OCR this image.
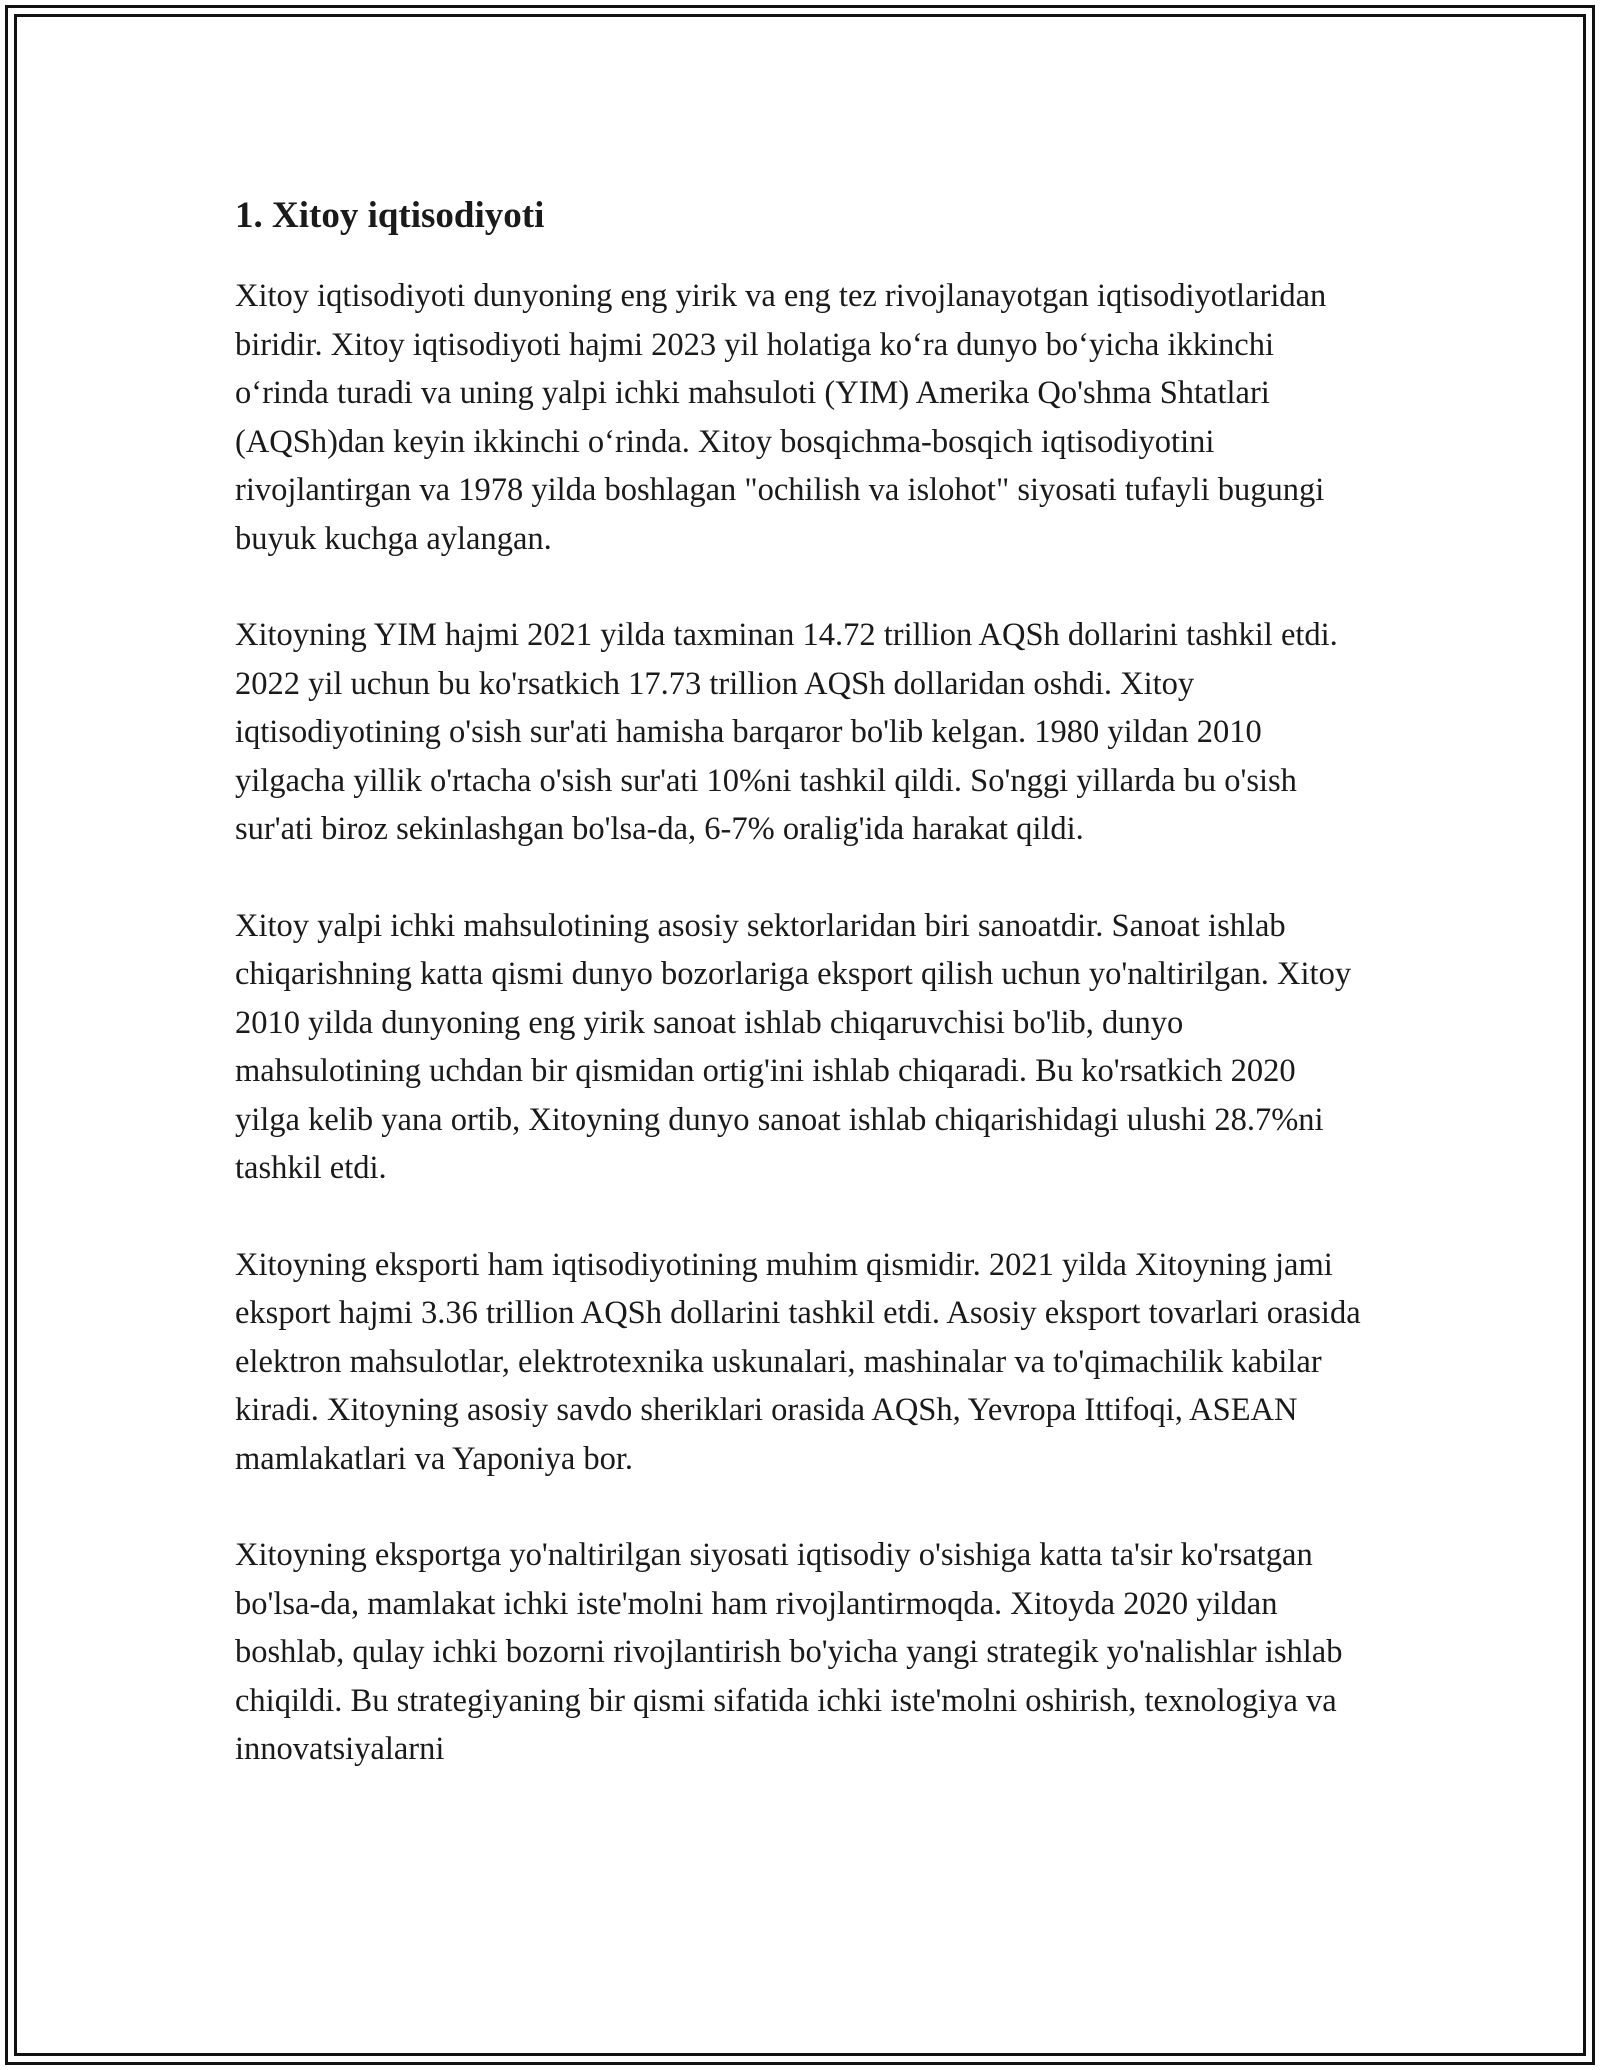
1. Xitoy iqtisodiyoti

Xitoy iqtisodiyoti dunyoning eng yirik va eng tez rivojlanayotgan iqtisodiyotlaridan biridir. Xitoy iqtisodiyoti hajmi 2023 yil holatiga ko‘ra dunyo bo‘yicha ikkinchi o‘rinda turadi va uning yalpi ichki mahsuloti (YIM) Amerika Qo'shma Shtatlari (AQSh)dan keyin ikkinchi o‘rinda. Xitoy bosqichma-bosqich iqtisodiyotini rivojlantirgan va 1978 yilda boshlagan "ochilish va islohot" siyosati tufayli bugungi buyuk kuchga aylangan.

Xitoyning YIM hajmi 2021 yilda taxminan 14.72 trillion AQSh dollarini tashkil etdi. 2022 yil uchun bu ko'rsatkich 17.73 trillion AQSh dollaridan oshdi. Xitoy iqtisodiyotining o'sish sur'ati hamisha barqaror bo'lib kelgan. 1980 yildan 2010 yilgacha yillik o'rtacha o'sish sur'ati 10%ni tashkil qildi. So'nggi yillarda bu o'sish sur'ati biroz sekinlashgan bo'lsa-da, 6-7% oralig'ida harakat qildi.

Xitoy yalpi ichki mahsulotining asosiy sektorlaridan biri sanoatdir. Sanoat ishlab chiqarishning katta qismi dunyo bozorlariga eksport qilish uchun yo'naltirilgan. Xitoy 2010 yilda dunyoning eng yirik sanoat ishlab chiqaruvchisi bo'lib, dunyo mahsulotining uchdan bir qismidan ortig'ini ishlab chiqaradi. Bu ko'rsatkich 2020 yilga kelib yana ortib, Xitoyning dunyo sanoat ishlab chiqarishidagi ulushi 28.7%ni tashkil etdi.

Xitoyning eksporti ham iqtisodiyotining muhim qismidir. 2021 yilda Xitoyning jami eksport hajmi 3.36 trillion AQSh dollarini tashkil etdi. Asosiy eksport tovarlari orasida elektron mahsulotlar, elektrotexnika uskunalari, mashinalar va to'qimachilik kabilar kiradi. Xitoyning asosiy savdo sheriklari orasida AQSh, Yevropa Ittifoqi, ASEAN mamlakatlari va Yaponiya bor.

Xitoyning eksportga yo'naltirilgan siyosati iqtisodiy o'sishiga katta ta'sir ko'rsatgan bo'lsa-da, mamlakat ichki iste'molni ham rivojlantirmoqda. Xitoyda 2020 yildan boshlab, qulay ichki bozorni rivojlantirish bo'yicha yangi strategik yo'nalishlar ishlab chiqildi. Bu strategiyaning bir qismi sifatida ichki iste'molni oshirish, texnologiya va innovatsiyalarni
